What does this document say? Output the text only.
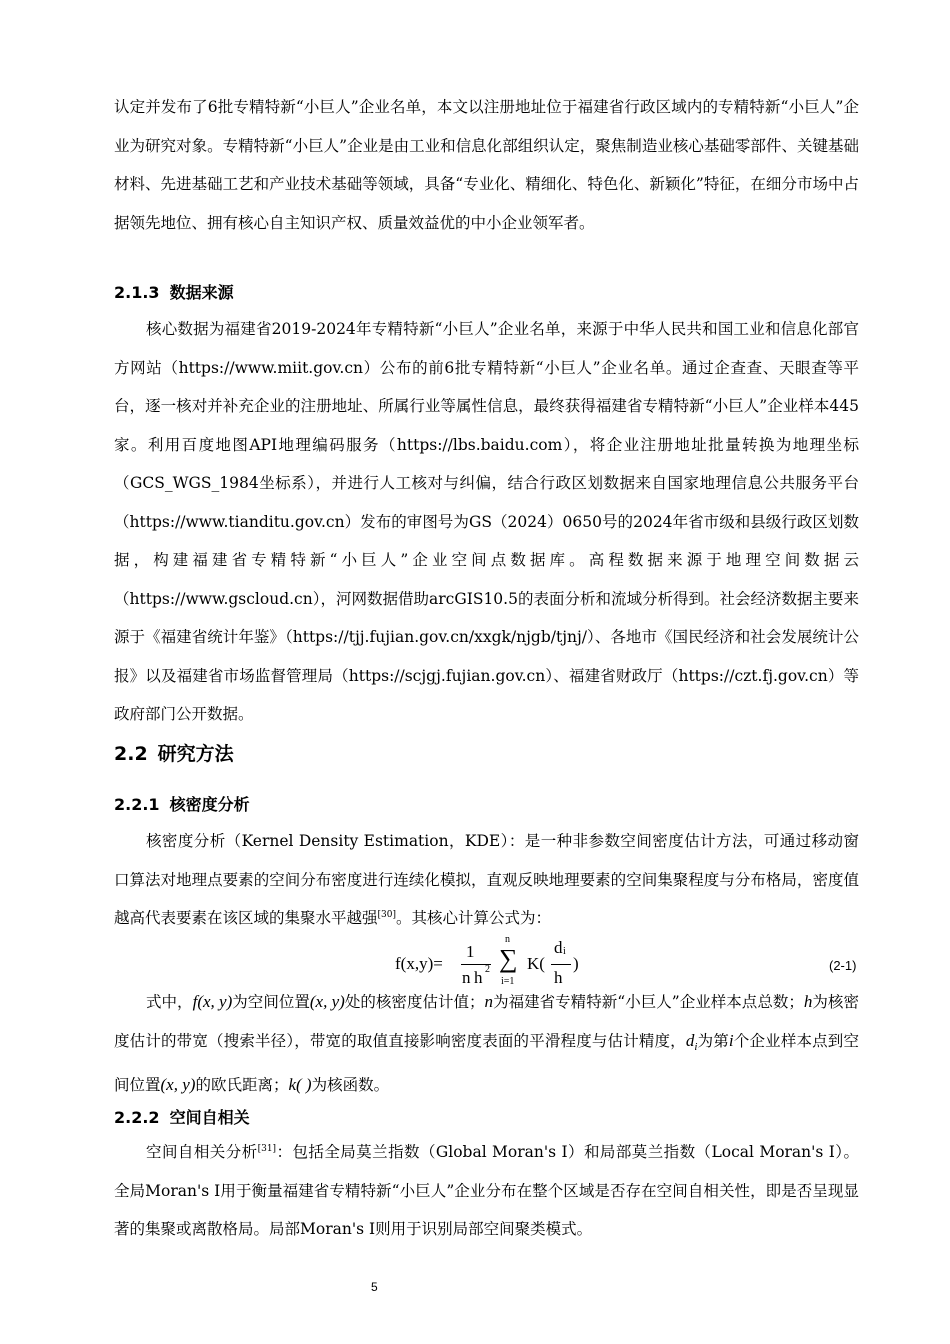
认定并发布了6批专精特新“小巨人”企业名单，本文以注册地址位于福建省行政区域内的专精特新“小巨人”企业为研究对象。专精特新“小巨人”企业是由工业和信息化部组织认定，聚焦制造业核心基础零部件、关键基础材料、先进基础工艺和产业技术基础等领域，具备“专业化、精细化、特色化、新颖化”特征，在细分市场中占据领先地位、拥有核心自主知识产权、质量效益优的中小企业领军者。

2.1.3 数据来源

核心数据为福建省2019-2024年专精特新“小巨人”企业名单，来源于中华人民共和国工业和信息化部官方网站（https://www.miit.gov.cn）公布的前6批专精特新“小巨人”企业名单。通过企查查、天眼查等平台，逐一核对并补充企业的注册地址、所属行业等属性信息，最终获得福建省专精特新“小巨人”企业样本445家。利用百度地图API地理编码服务（https://lbs.baidu.com），将企业注册地址批量转换为地理坐标（GCS_WGS_1984坐标系），并进行人工核对与纠偏，结合行政区划数据来自国家地理信息公共服务平台（https://www.tianditu.gov.cn）发布的审图号为GS（2024）0650号的2024年省市级和县级行政区划数据，构建福建省专精特新“小巨人”企业空间点数据库。高程数据来源于地理空间数据云（https://www.gscloud.cn），河网数据借助arcGIS10.5的表面分析和流域分析得到。社会经济数据主要来源于《福建省统计年鉴》（https://tjj.fujian.gov.cn/xxgk/njgb/tjnj/）、各地市《国民经济和社会发展统计公报》以及福建省市场监督管理局（https://scjgj.fujian.gov.cn）、福建省财政厅（https://czt.fj.gov.cn）等政府部门公开数据。

2.2 研究方法
2.2.1 核密度分析

核密度分析（Kernel Density Estimation，KDE）：是一种非参数空间密度估计方法，可通过移动窗口算法对地理点要素的空间分布密度进行连续化模拟，直观反映地理要素的空间集聚程度与分布格局，密度值越高代表要素在该区域的集聚水平越强[30]。其核心计算公式为：

f(x,y)=
1
n h 2
n
∑
i=1
K(
d i
h
)	(2-1)

式中，f(x, y)为空间位置(x, y)处的核密度估计值；n为福建省专精特新“小巨人”企业样本点总数；h为核密度估计的带宽（搜索半径），带宽的取值直接影响密度表面的平滑程度与估计精度，$d_i$为第i个企业样本点到空间位置(x, y)的欧氏距离；k( )为核函数。

2.2.2 空间自相关

空间自相关分析[31]：包括全局莫兰指数（Global Moran's I）和局部莫兰指数（Local Moran's I）。全局Moran's I用于衡量福建省专精特新“小巨人”企业分布在整个区域是否存在空间自相关性，即是否呈现显著的集聚或离散格局。局部Moran's I则用于识别局部空间聚类模式。

5
